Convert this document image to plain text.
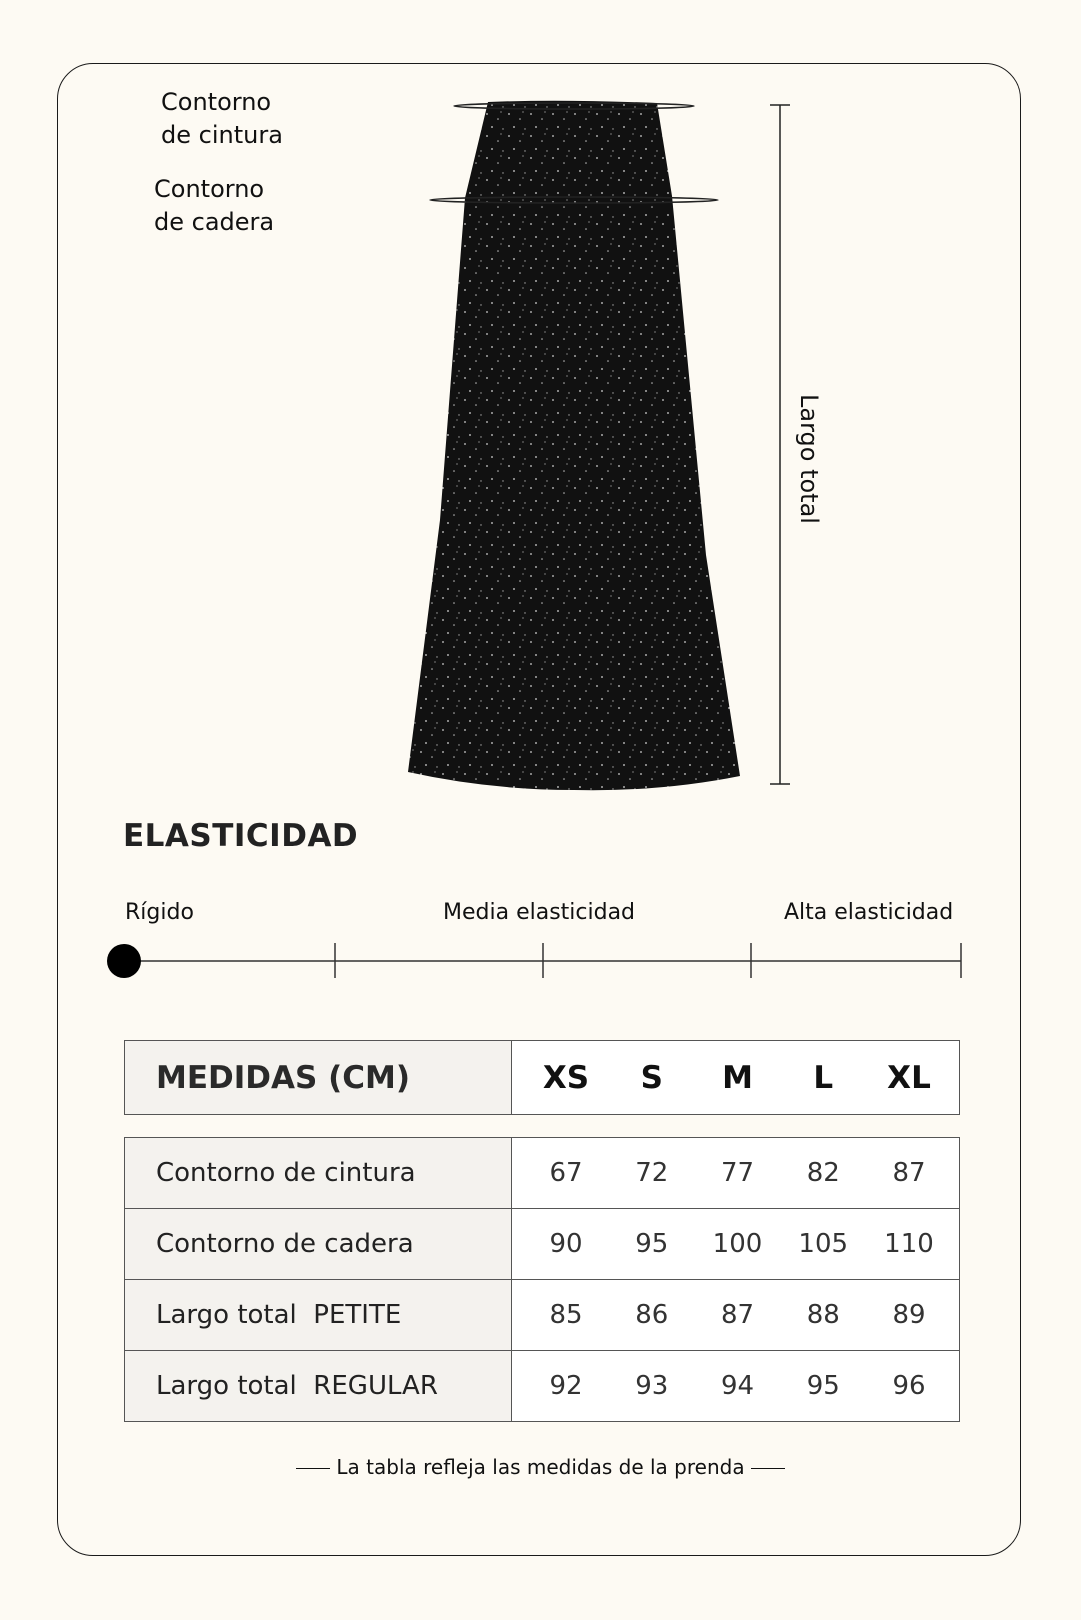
Contorno
de cintura
Contorno
de cadera
Largo total
ELASTICIDAD
Rígido	Media elasticidad	Alta elasticidad
MEDIDAS (CM)	XS	S	M	L	XL
Contorno de cintura	67 72 77 82 87

Contorno de cadera	90 95 100 105 110

Largo total  PETITE	85 86 87 88 89

Largo total  REGULAR	92 93 94 95 96
La tabla refleja las medidas de la prenda
